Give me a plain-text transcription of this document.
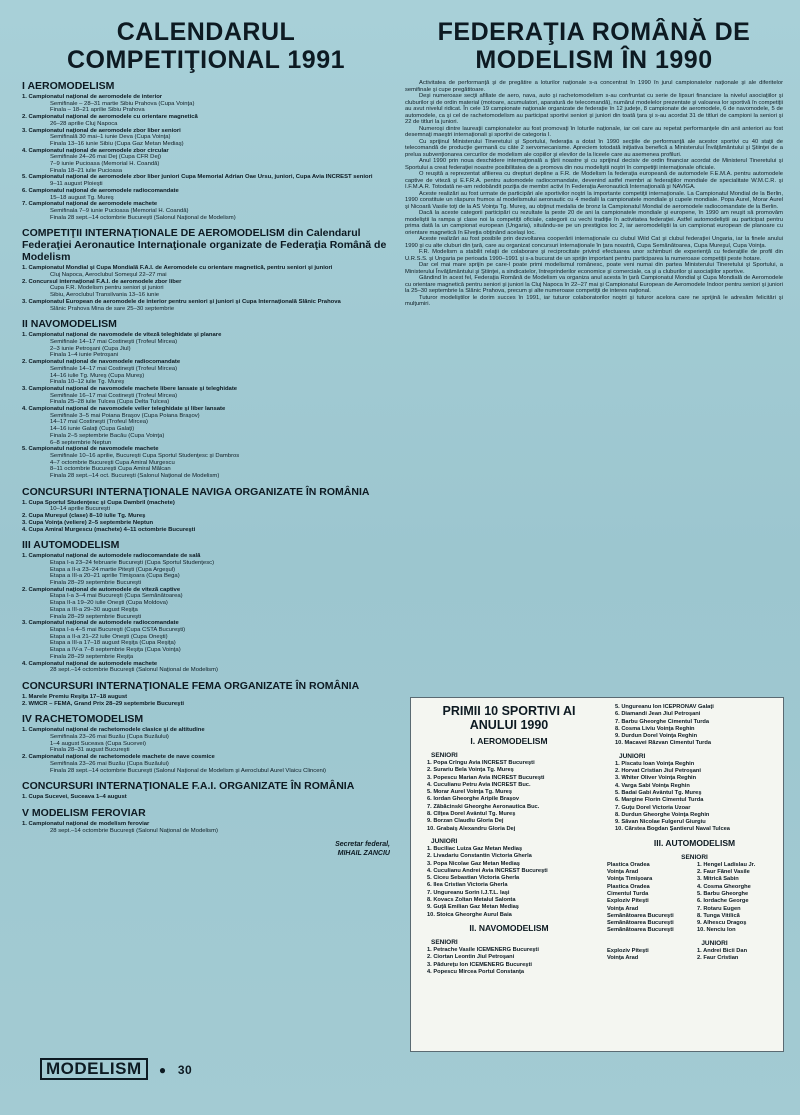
CALENDARUL
COMPETIŢIONAL 1991
I AEROMODELISM
1. Campionatul naţional de aeromodele de interior
Semifinale – 28–31 martie Sibiu Prahova (Cupa Voinţa)
Finala – 18–21 aprilie Sibiu Prahova
2. Campionatul naţional de aeromodele cu orientare magnetică
26–28 aprilie Cluj Napoca
3. Campionatul naţional de aeromodele zbor liber seniori
Semifinală 30 mai–1 iunie Deva (Cupa Voinţa)
Finala 13–16 iunie Sibiu (Cupa Gaz Metan Mediaş)
4. Campionatul naţional de aeromodele zbor circular
Semifinale 24–26 mai Dej (Cupa CFR Dej)
7–9 iunie Pucioasa (Memorial H. Coandă)
Finala 18–21 iulie Pucioasa
5. Campionatul naţional de aeromodele zbor liber juniori Cupa Memorial Adrian Oae Ursu, juniori, Cupa Avia INCREST seniori
9–11 august Ploieşti
6. Campionatul naţional de aeromodele radiocomandate
15–18 august Tg. Mureş
7. Campionatul naţional de aeromodele machete
Semifinala 7–9 iunie Pucioasa (Memorial H. Coandă)
Finala 28 sept.–14 octombrie Bucureşti (Salonul Naţional de Modelism)
COMPETIŢII INTERNAŢIONALE DE AEROMODELISM din Calendarul Federaţiei Aeronautice Internaţionale organizate de Federaţia Română de Modelism
1. Campionatul Mondial şi Cupa Mondială F.A.I. de Aeromodele cu orientare magnetică, pentru seniori şi juniori
Cluj Napoca, Aeroclubul Someşul 22–27 mai
2. Concursul internaţional F.A.I. de aeromodele zbor liber
Cupa F.R. Modelism pentru seniori şi juniori
Sibiu, Aeroclubul Transilvania 13–16 iunie
3. Campionatul European de aeromodele de interior pentru seniori şi juniori şi Cupa Internaţională Slănic Prahova
Slănic Prahova Mina de sare 25–30 septembrie
II NAVOMODELISM
1. Campionatul naţional de navomodele de viteză teleghidate şi planare
Semifinale 14–17 mai Costineşti (Trofeul Mircea)
2–3 iunie Petroşani (Cupa Jiul)
Finala 1–4 iunie Petroşani
2. Campionatul naţional de navomodele radiocomandate
Semifinale 14–17 mai Costineşti (Trofeul Mircea)
14–16 iulie Tg. Mureş (Cupa Mureş)
Finala 10–12 iulie Tg. Mureş
3. Campionatul naţional de navomodele machete libere lansate şi teleghidate
Semifinale 16–17 mai Costineşti (Trofeul Mircea)
Finala 25–28 iulie Tulcea (Cupa Delta Tulcea)
4. Campionatul naţional de navomodele velier teleghidate şi liber lansate
Semifinale 3–5 mai Poiana Braşov (Cupa Poiana Braşov)
14–17 mai Costineşti (Trofeul Mircea)
14–16 iunie Galaţi (Cupa Galaţi)
Finala 2–5 septembrie Bacău (Cupa Voinţa)
6–8 septembrie Neptun
5. Campionatul naţional de navomodele machete
Semifinale 10–16 aprilie, Bucureşti Cupa Sportul Studenţesc şi Dambros
4–7 octombrie Bucureşti Cupa Amiral Murgescu
8–11 octombrie Bucureşti Cupa Amiral Mălcan
Finala 28 sept.–14 oct. Bucureşti (Salonul Naţional de Modelism)
CONCURSURI INTERNAŢIONALE NAVIGA ORGANIZATE ÎN ROMÂNIA
1. Cupa Sportul Studenţesc şi Cupa Dambril (machete)
10–14 aprilie Bucureşti
2. Cupa Mureşul (clase) 8–10 iulie Tg. Mureş
3. Cupa Voinţa (veliere) 2–5 septembrie Neptun
4. Cupa Amiral Murgescu (machete) 4–11 octombrie Bucureşti
III AUTOMODELISM
1. Campionatul naţional de automodele radiocomandate de sală
Etapa I-a 23–24 februarie Bucureşti (Cupa Sportul Studenţesc)
Etapa a II-a 23–24 martie Piteşti (Cupa Argeşul)
Etapa a III-a 20–21 aprilie Timişoara (Cupa Bega)
Finala 28–29 septembrie Bucureşti
2. Campionatul naţional de automodele de viteză captive
Etapa I-a 3–4 mai Bucureşti (Cupa Semănătoarea)
Etapa II-a 19–20 iulie Oneşti (Cupa Moldova)
Etapa a III-a 29–30 august Reşiţa
Finala 28–29 septembrie Bucureşti
3. Campionatul naţional de automodele radiocomandate
Etapa I-a 4–5 mai Bucureşti (Cupa CSTA Bucureşti)
Etapa a II-a 21–22 iulie Oneşti (Cupa Oneşti)
Etapa a III-a 17–18 august Reşiţa (Cupa Reşiţa)
Etapa a IV-a 7–8 septembrie Reşiţa (Cupa Voinţa)
Finala 28–29 septembrie Reşiţa
4. Campionatul naţional de automodele machete
28 sept.–14 octombrie Bucureşti (Salonul Naţional de Modelism)
CONCURSURI INTERNAŢIONALE FEMA ORGANIZATE ÎN ROMÂNIA
1. Marele Premiu Reşiţa 17–18 august
2. WMCR – FEMA, Grand Prix 28–29 septembrie Bucureşti
IV RACHETOMODELISM
1. Campionatul naţional de rachetomodele clasice şi de altitudine
Semifinala 23–26 mai Buzău (Cupa Buzăului)
1–4 august Suceava (Cupa Sucevei)
Finala 28–31 august Bucureşti
2. Campionatul naţional de rachetomodele machete de nave cosmice
Semifinala 23–26 mai Buzău (Cupa Buzăului)
Finala 28 sept.–14 octombrie Bucureşti (Salonul Naţional de Modelism şi Aeroclubul Aurel Vlaicu Clinceni)
CONCURSURI INTERNAŢIONALE F.A.I. ORGANIZATE ÎN ROMÂNIA
1. Cupa Sucevei, Suceava 1–4 august
V MODELISM FEROVIAR
1. Campionatul naţional de modelism feroviar
28 sept.–14 octombrie Bucureşti (Salonul Naţional de Modelism)
Secretar federal,
MIHAIL ZANCIU
FEDERAŢIA ROMÂNĂ DE
MODELISM ÎN 1990

Activitatea de performanţă şi de pregătire a loturilor naţionale s-a concentrat în 1990 în jurul campionatelor naţionale şi ale diferitelor semifinale şi cupe pregătitoare.

Deşi numeroase secţii afiliate de aero, nava, auto şi rachetomodelism s-au confruntat cu serie de lipsuri financiare la nivelul asociaţiilor şi cluburilor şi de ordin material (motoare, acumulatori, aparatură de telecomandă), numărul modelelor prezentate şi valoarea lor sportivă în competiţii au avut nivelul ridicat. În cele 19 campionate naţionale organizate de federaţie în 12 judeţe, 8 campionate de aeromodele, 6 de navomodele, 5 de automodele, ca şi cel de rachetomodelism au participat sportivi seniori şi juniori din toată ţara şi s-au acordat 31 de titluri de campioni la seniori şi 22 de titluri la juniori.

Numeroşi dintre laureaţii campionatelor au fost promovaţi în loturile naţionale, iar cei care au repetat performanţele din anii anteriori au fost desemnaţi maeştri internaţionali şi sportivi de categoria I.

Cu sprijinul Ministerului Tineretului şi Sportului, federaţia a dotat în 1990 secţiile de performanţă ale acestor sportivi cu 40 staţii de telecomandă de producţie germană cu câte 2 servomecanisme. Apreciem totodată iniţiativa benefică a Ministerului Învăţământului şi Ştiinţei de a prelua subvenţionarea cercurilor de modelism ale copiilor şi elevilor de la liceele care au asemenea profiluri.

Anul 1990 prin noua deschidere internaţională a ţării noastre şi cu sprijinul decisiv de ordin financiar acordat de Ministerul Tineretului şi Sportului a creat federaţiei noastre posibilitatea de a promova din nou modeliştii noştri în competiţii internaţionale oficiale.

O reuşită a reprezentat afilierea cu drepturi depline a F.R. de Modelism la federaţia europeană de automodele F.E.M.A. pentru automodele captive de viteză şi E.F.R.A. pentru automodele radiocomandate, devenind astfel membri ai federaţiilor mondiale de specialitate W.M.C.R. şi I.F.M.A.R. Totodată ne-am redobândit poziţia de membri activi în Federaţia Aeronautică Internaţională şi NAVIGA.

Aceste realizări au fost urmate de participări ale sportivilor noştri la importante competiţii internaţionale. La Campionatul Mondial de la Berlin, 1990 constituie un răspuns frumos al modelismului aeronautic cu 4 medalii la campionatele mondiale şi cupele mondiale. Popa Aurel, Morar Aurel şi Nicoară Vasile toţi de la AS Voinţa Tg. Mureş, au obţinut medalia de bronz la Campionatul Mondial de aeromodele radiocomandate de la Berlin.

Dacă la aceste categorii participări cu rezultate la peste 20 de ani la campionatele mondiale şi europene, în 1990 am reuşit să promovăm modeliştii la rampa şi clase noi la competiţii oficiale, categorii cu vechi tradiţie în activitatea federaţiei. Astfel automodeliştii au participat pentru prima dată la un campionat european (Ungaria), situându-se pe un prestigios loc 2, iar aeromodeliştii la un campionat european de planoare cu orientare magnetică în Elveţia obţinând acelaşi loc.

Aceste realizări au fost posibile prin dezvoltarea cooperării internaţionale cu clubul Wild Cat şi clubul federaţiei Ungaria, iar la finele anului 1990 şi cu alte cluburi din ţară, care au organizat concursuri internaţionale în ţara noastră, Cupa Semănătoarea, Cupa Mureşul, Cupa Voinţa.

F.R. Modelism a stabilit relaţii de colaborare şi reciprocitate privind efectuarea unor schimburi de experienţă cu federaţiile de profil din U.R.S.S. şi Ungaria pe perioada 1990–1991 şi s-a bucurat de un sprijin important pentru participarea la numeroase competiţii peste hotare.

Dar cel mai mare sprijin pe care-l poate primi modelismul românesc, poate veni numai din partea Ministerului Tineretului şi Sportului, a Ministerului Învăţământului şi Ştiinţei, a sindicatelor, întreprinderilor economice şi comerciale, ca şi a cluburilor şi asociaţiilor sportive.

Gândind în acest fel, Federaţia Română de Modelism va organiza anul acesta în ţară Campionatul Mondial şi Cupa Mondială de Aeromodele cu orientare magnetică pentru seniori şi juniori la Cluj Napoca în 22–27 mai şi Campionatul European de Aeromodele Indoor pentru seniori şi juniori la 25–30 septembrie la Slănic Prahova, precum şi alte numeroase competiţii de interes naţional.

Tuturor modeliştilor le dorim succes în 1991, iar tuturor colaboratorilor noştri şi tuturor acelora care ne sprijină le adresăm felicitări şi mulţumiri.

PRIMII 10 SPORTIVI AI
ANULUI 1990
I. AEROMODELISM
SENIORI
1. Popa Crîngu Avia INCREST Bucureşti
2. Surariu Bela Voinţa Tg. Mureş
3. Popescu Marian Avia INCREST Bucureşti
4. Cuculianu Petru Avia INCREST Buc.
5. Morar Aurel Voinţa Tg. Mureş
6. Iordan Gheorghe Aripile Braşov
7. Zăbăcinski Gheorghe Aeronautica Buc.
8. Cîlţea Dorel Avântul Tg. Mureş
9. Borzan Claudiu Gloria Dej
10. Grabaiş Alexandru Gloria Dej
JUNIORI
1. Buciliac Luiza Gaz Metan Mediaş
2. Livadariu Constantin Victoria Gherla
3. Popa Nicolae Gaz Metan Mediaş
4. Cuculianu Andrei Avia INCREST Bucureşti
5. Ciceu Sebastian Victoria Gherla
6. Ilea Cristian Victoria Gherla
7. Ungureanu Sorin I.J.T.L. Iaşi
8. Kovacs Zoltan Metalul Salonta
9. Guţă Emilian Gaz Metan Mediaş
10. Stoica Gheorghe Aurul Baia
II. NAVOMODELISM
SENIORI
1. Petrache Vasile ICEMENERG Bucureşti
2. Ciortan Leontin Jiul Petroşani
3. Pădureţu Ion ICEMENERG Bucureşti
4. Popescu Mircea Portul Constanţa
5. Ungureanu Ion ICEPRONAV Galaţi
6. Diamandi Jean Jiul Petroşani
7. Barbu Gheorghe Cimentul Turda
8. Cosma Liviu Voinţa Reghin
9. Durdun Dorel Voinţa Reghin
10. Macavei Răzvan Cimentul Turda
JUNIORI
1. Piscatu Ioan Voinţa Reghin
2. Horvat Cristian Jiul Petroşani
3. Whiter Oliver Voinţa Reghin
4. Varga Sabi Voinţa Reghin
5. Badai Gabi Avântul Tg. Mureş
6. Margine Florin Cimentul Turda
7. Guţu Dorel Victoria Uzoar
8. Durdun Gheorghe Voinţa Reghin
9. Săvan Nicolae Fulgerul Giurgiu
10. Cărstea Bogdan Şantierul Naval Tulcea
III. AUTOMODELISM
SENIORI
Plastica Oradea	1. Hengel Ladislau Jr.
Voinţa Arad	2. Faur Fănel Vasile
Voinţa Timişoara	3. Mitrică Sabin
Plastica Oradea	4. Cosma Gheorghe
Cimentul Turda	5. Barbu Gheorghe
Exploziv Piteşti	6. Iordache George
Voinţa Arad	7. Rotaru Eugen
Semănătoarea Bucureşti	8. Tunga Vitilică
Semănătoarea Bucureşti	9. Alhescu Dragoş
Semănătoarea Bucureşti	10. Nenciu Ion
JUNIORI
Exploziv Piteşti	1. Andrei Bicii Dan
Voinţa Arad	2. Faur Cristian
MODELISM ● 30
